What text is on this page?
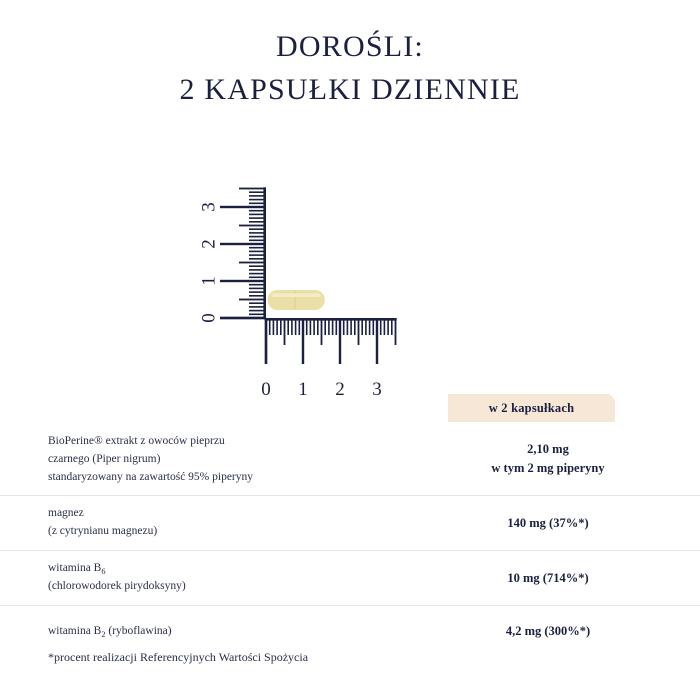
DOROŚLI:
2 KAPSUŁKI DZIENNIE
0
1
2
3
0 1 2 3
w 2 kapsułkach
BioPerine® extrakt z owoców pieprzu
czarnego (Piper nigrum)
standaryzowany na zawartość 95% piperyny
2,10 mg
w tym 2 mg piperyny
magnez
(z cytrynianu magnezu)
140 mg (37%*)
witamina $B_6$
(chlorowodorek pirydoksyny)
10 mg (714%*)
witamina $B_2$ (ryboflawina)	4,2 mg (300%*)
*procent realizacji Referencyjnych Wartości Spożycia
